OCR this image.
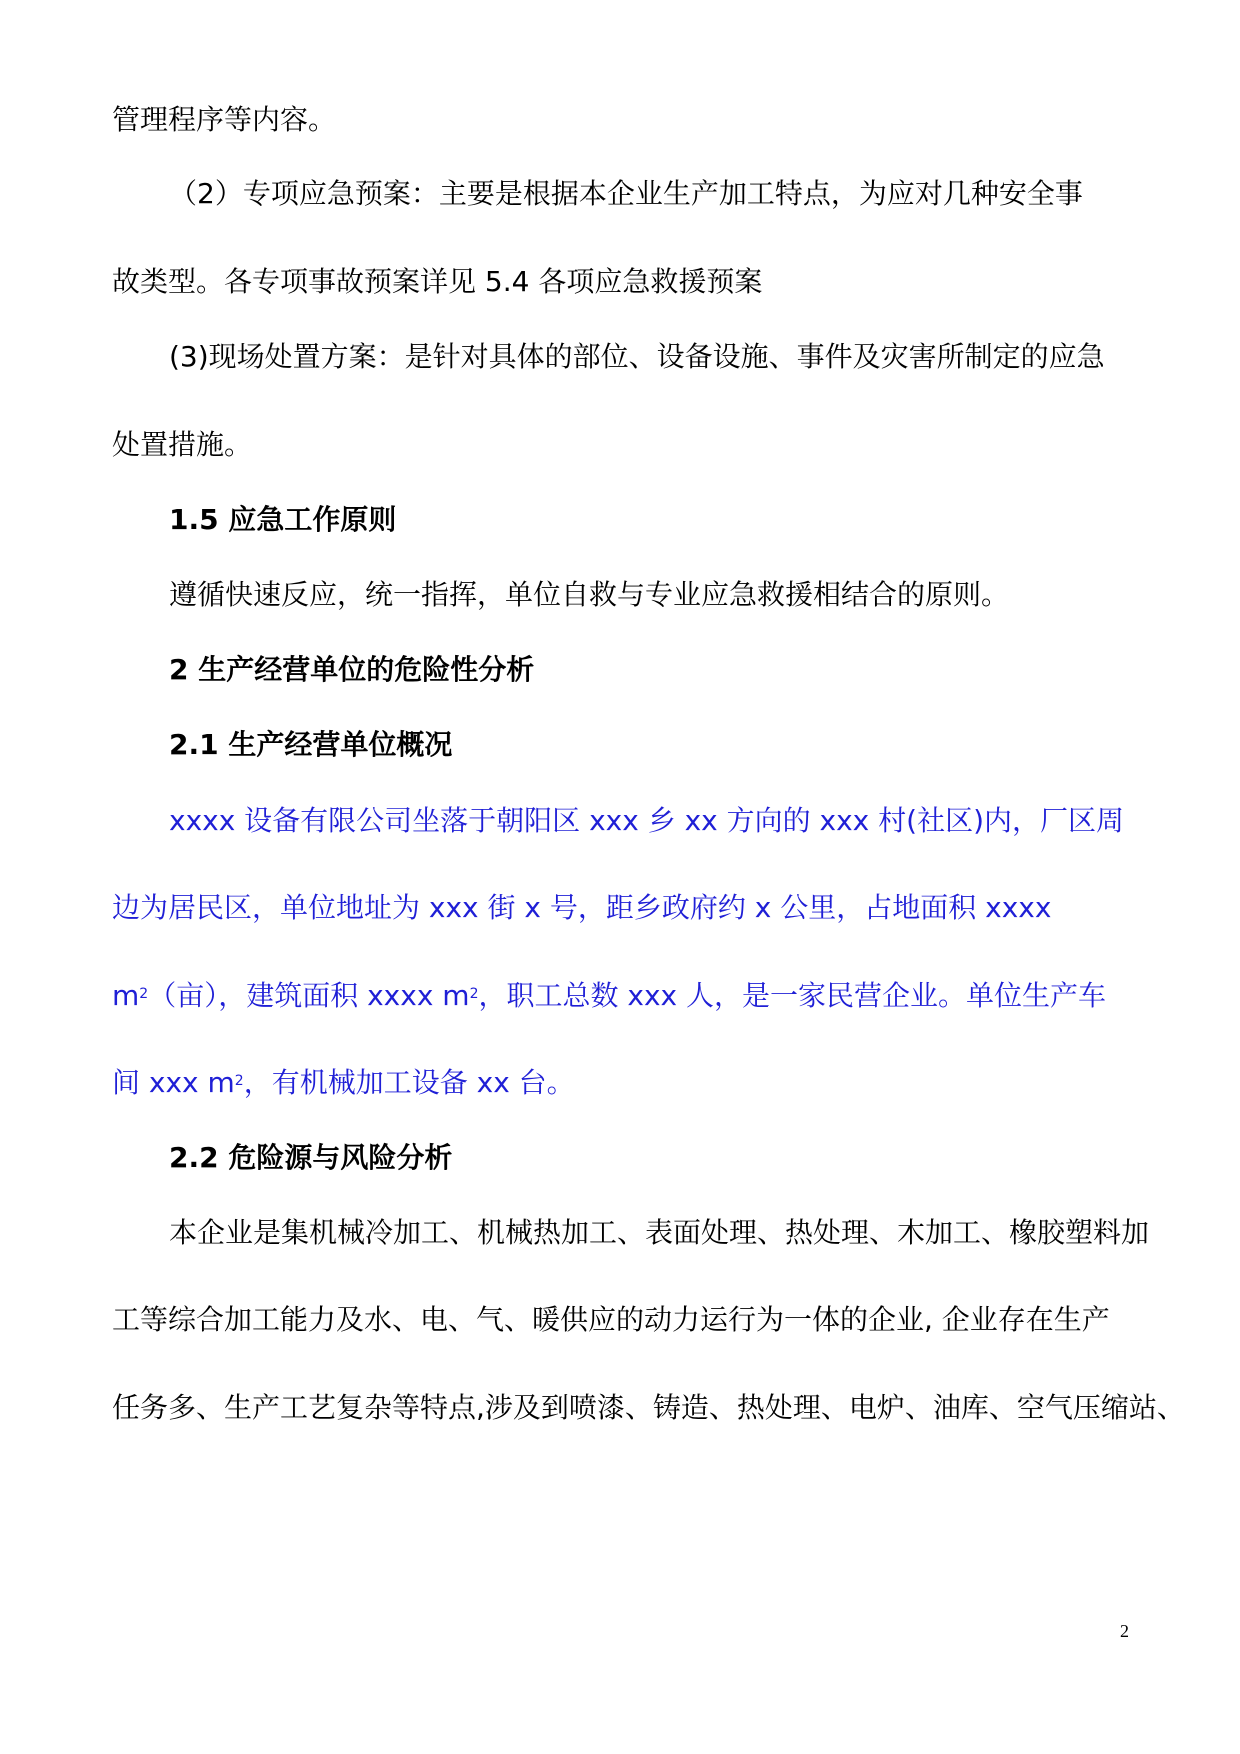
管理程序等内容。
（2）专项应急预案：主要是根据本企业生产加工特点，为应对几种安全事
故类型。各专项事故预案详见 5.4 各项应急救援预案
(3)现场处置方案：是针对具体的部位、设备设施、事件及灾害所制定的应急
处置措施。
1.5 应急工作原则
遵循快速反应，统一指挥，单位自救与专业应急救援相结合的原则。
2 生产经营单位的危险性分析
2.1 生产经营单位概况
xxxx 设备有限公司坐落于朝阳区 xxx 乡 xx 方向的 xxx 村(社区)内，厂区周
边为居民区，单位地址为 xxx 街 x 号，距乡政府约 x 公里，占地面积 xxxx
$m^2$（亩），建筑面积 xxxx $m^2$，职工总数 xxx 人，是一家民营企业。单位生产车
间 xxx $m^2$，有机械加工设备 xx 台。
2.2 危险源与风险分析
本企业是集机械冷加工、机械热加工、表面处理、热处理、木加工、橡胶塑料加
工等综合加工能力及水、电、气、暖供应的动力运行为一体的企业, 企业存在生产
任务多、生产工艺复杂等特点,涉及到喷漆、铸造、热处理、电炉、油库、空气压缩站、
2
